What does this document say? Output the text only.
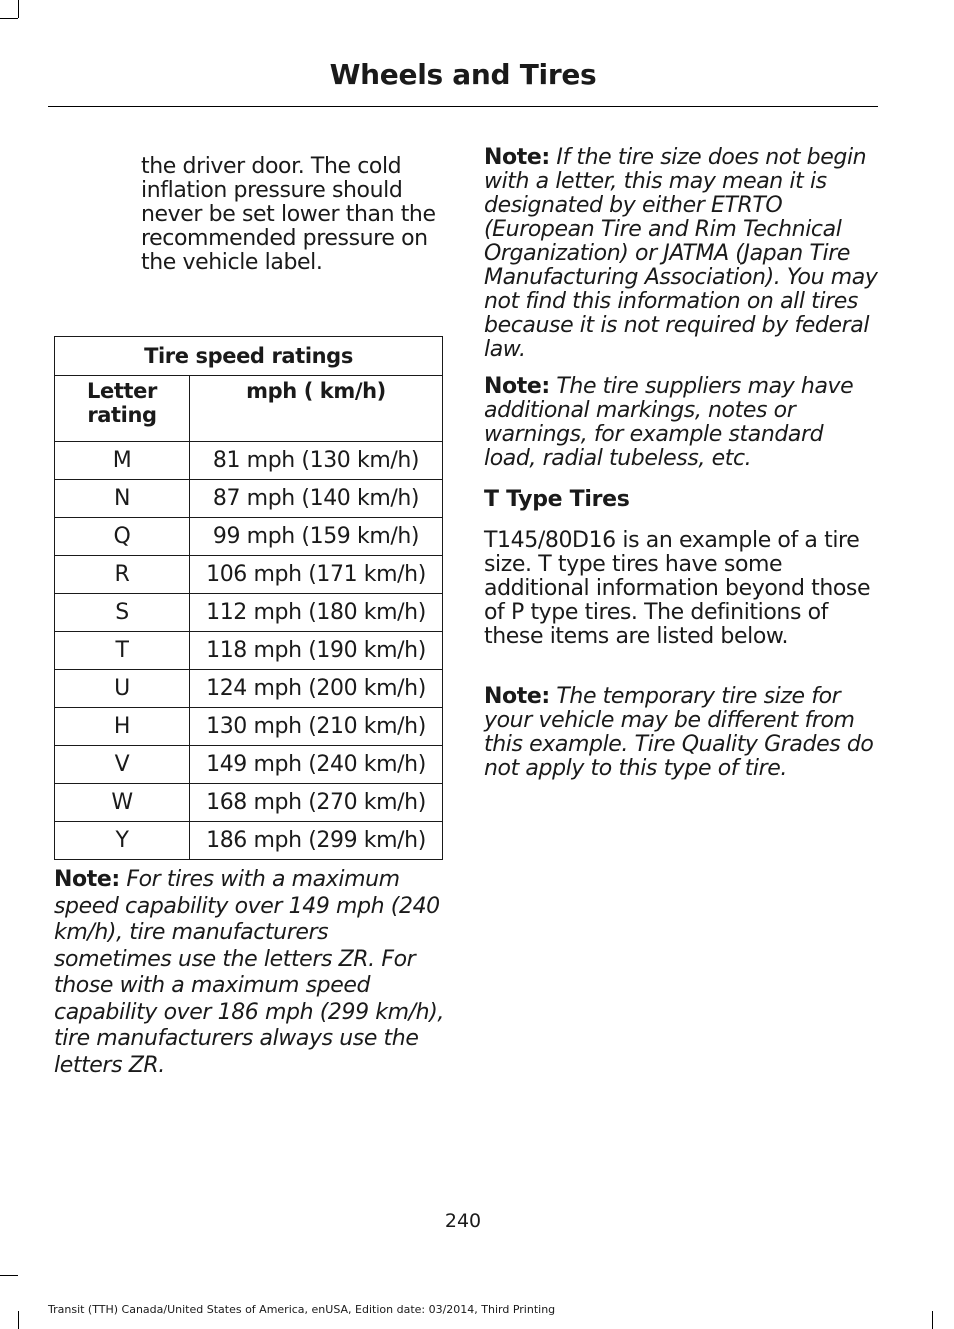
Wheels and Tires

the driver door. The cold inflation pressure should never be set lower than the recommended pressure on the vehicle label.

Tire speed ratings	
Letter rating	mph ( km/h)
M	81 mph (130 km/h)
N	87 mph (140 km/h)
Q	99 mph (159 km/h)
R	106 mph (171 km/h)
S	112 mph (180 km/h)
T	118 mph (190 km/h)
U	124 mph (200 km/h)
H	130 mph (210 km/h)
V	149 mph (240 km/h)
W	168 mph (270 km/h)
Y	186 mph (299 km/h)

Note: For tires with a maximum speed capability over 149 mph (240 km/h), tire manufacturers sometimes use the letters ZR. For those with a maximum speed capability over 186 mph (299 km/h), tire manufacturers always use the letters ZR.

Note: If the tire size does not begin with a letter, this may mean it is designated by either ETRTO (European Tire and Rim Technical Organization) or JATMA (Japan Tire Manufacturing Association). You may not find this information on all tires because it is not required by federal law.

Note: The tire suppliers may have additional markings, notes or warnings, for example standard load, radial tubeless, etc.

T Type Tires

T145/80D16 is an example of a tire size. T type tires have some additional information beyond those of P type tires. The definitions of these items are listed below.

Note: The temporary tire size for your vehicle may be different from this example. Tire Quality Grades do not apply to this type of tire.

240
Transit (TTH) Canada/United States of America, enUSA, Edition date: 03/2014, Third Printing
